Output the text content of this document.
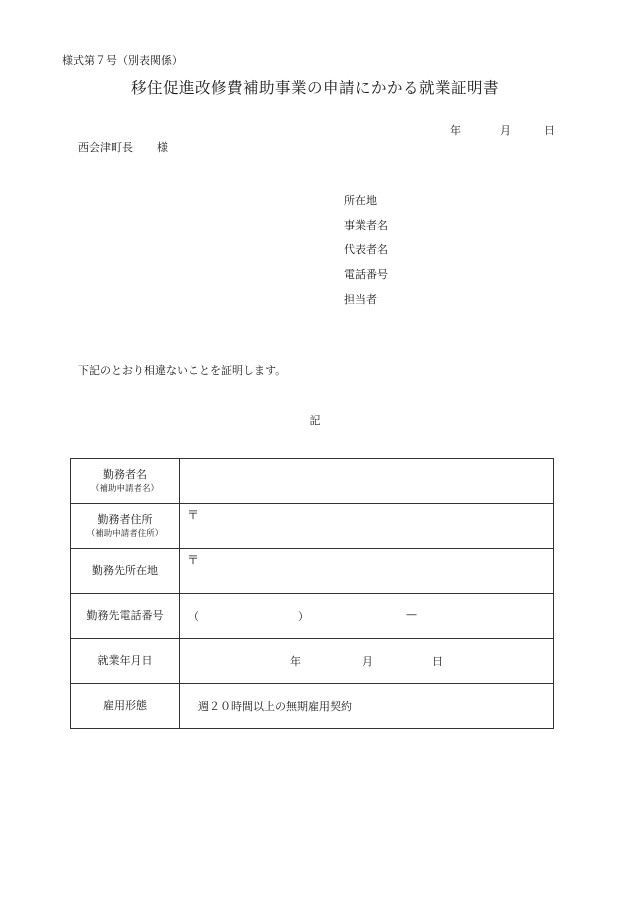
様式第７号（別表関係）
移住促進改修費補助事業の申請にかかる就業証明書
年	月	日
西会津町長 様
所在地
事業者名
代表者名
電話番号
担当者
下記のとおり相違ないことを証明します。
記
勤務者名
（補助申請者名）	

勤務者住所
（補助申請者住所）	〒

勤務先所在地	〒

勤務先電話番号	（ ） —

就業年月日	年 月 日

雇用形態	週２０時間以上の無期雇用契約
